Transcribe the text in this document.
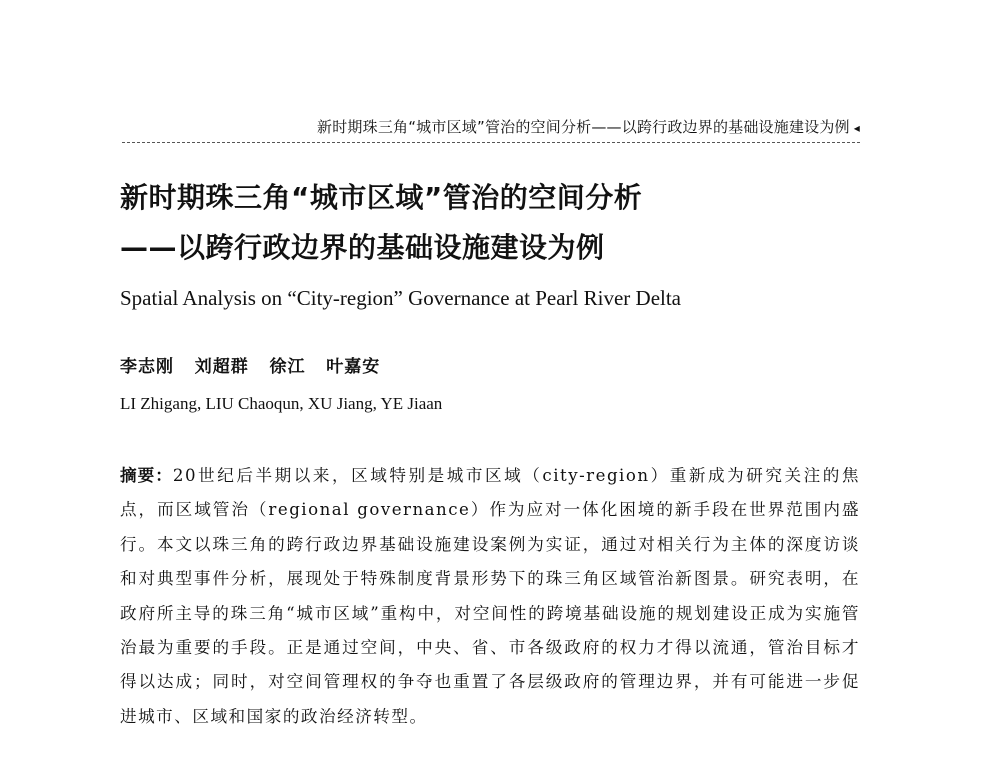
新时期珠三角“城市区域”管治的空间分析——以跨行政边界的基础设施建设为例 ◂
新时期珠三角“城市区域”管治的空间分析
——以跨行政边界的基础设施建设为例
Spatial Analysis on “City-region” Governance at Pearl River Delta
李志刚   刘超群   徐江   叶嘉安
LI Zhigang, LIU Chaoqun, XU Jiang, YE Jiaan
摘要：20世纪后半期以来，区域特别是城市区域（city-region）重新成为研究关注的焦点，而区域管治（regional governance）作为应对一体化困境的新手段在世界范围内盛行。本文以珠三角的跨行政边界基础设施建设案例为实证，通过对相关行为主体的深度访谈和对典型事件分析，展现处于特殊制度背景形势下的珠三角区域管治新图景。研究表明，在政府所主导的珠三角“城市区域”重构中，对空间性的跨境基础设施的规划建设正成为实施管治最为重要的手段。正是通过空间，中央、省、市各级政府的权力才得以流通，管治目标才得以达成；同时，对空间管理权的争夺也重置了各层级政府的管理边界，并有可能进一步促进城市、区域和国家的政治经济转型。
